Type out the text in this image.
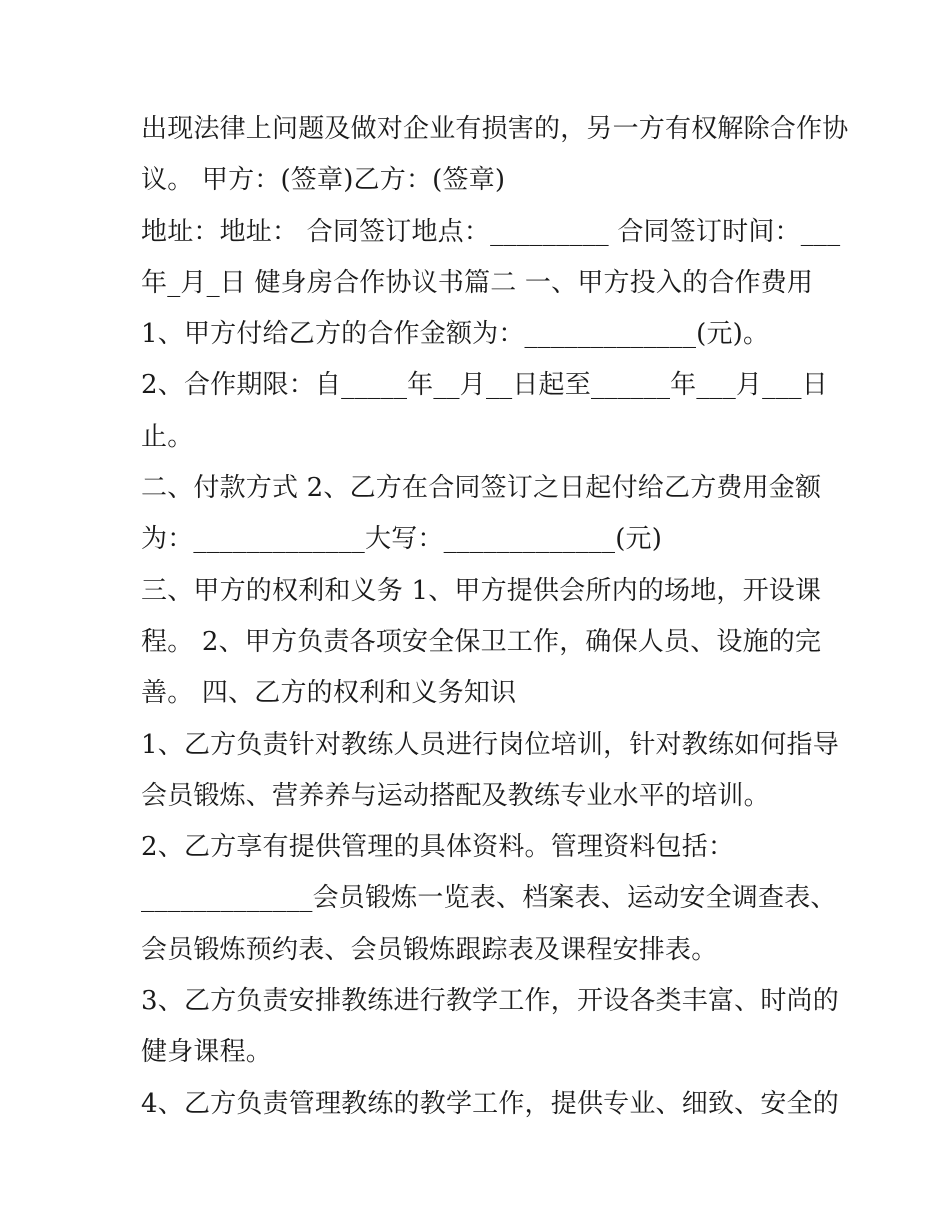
出现法律上问题及做对企业有损害的，另一方有权解除合作协
议。 甲方：(签章)乙方：(签章)
地址：地址： 合同签订地点：_________ 合同签订时间：___
年_月_日 健身房合作协议书篇二 一、甲方投入的合作费用
1、甲方付给乙方的合作金额为：_____________(元)。
2、合作期限：自_____年__月__日起至______年___月___日
止。
二、付款方式 2、乙方在合同签订之日起付给乙方费用金额
为：_____________大写：_____________(元)
三、甲方的权利和义务 1、甲方提供会所内的场地，开设课
程。 2、甲方负责各项安全保卫工作，确保人员、设施的完
善。 四、乙方的权利和义务知识
1、乙方负责针对教练人员进行岗位培训，针对教练如何指导
会员锻炼、营养养与运动搭配及教练专业水平的培训。
2、乙方享有提供管理的具体资料。管理资料包括：
_____________会员锻炼一览表、档案表、运动安全调查表、
会员锻炼预约表、会员锻炼跟踪表及课程安排表。
3、乙方负责安排教练进行教学工作，开设各类丰富、时尚的
健身课程。
4、乙方负责管理教练的教学工作，提供专业、细致、安全的
